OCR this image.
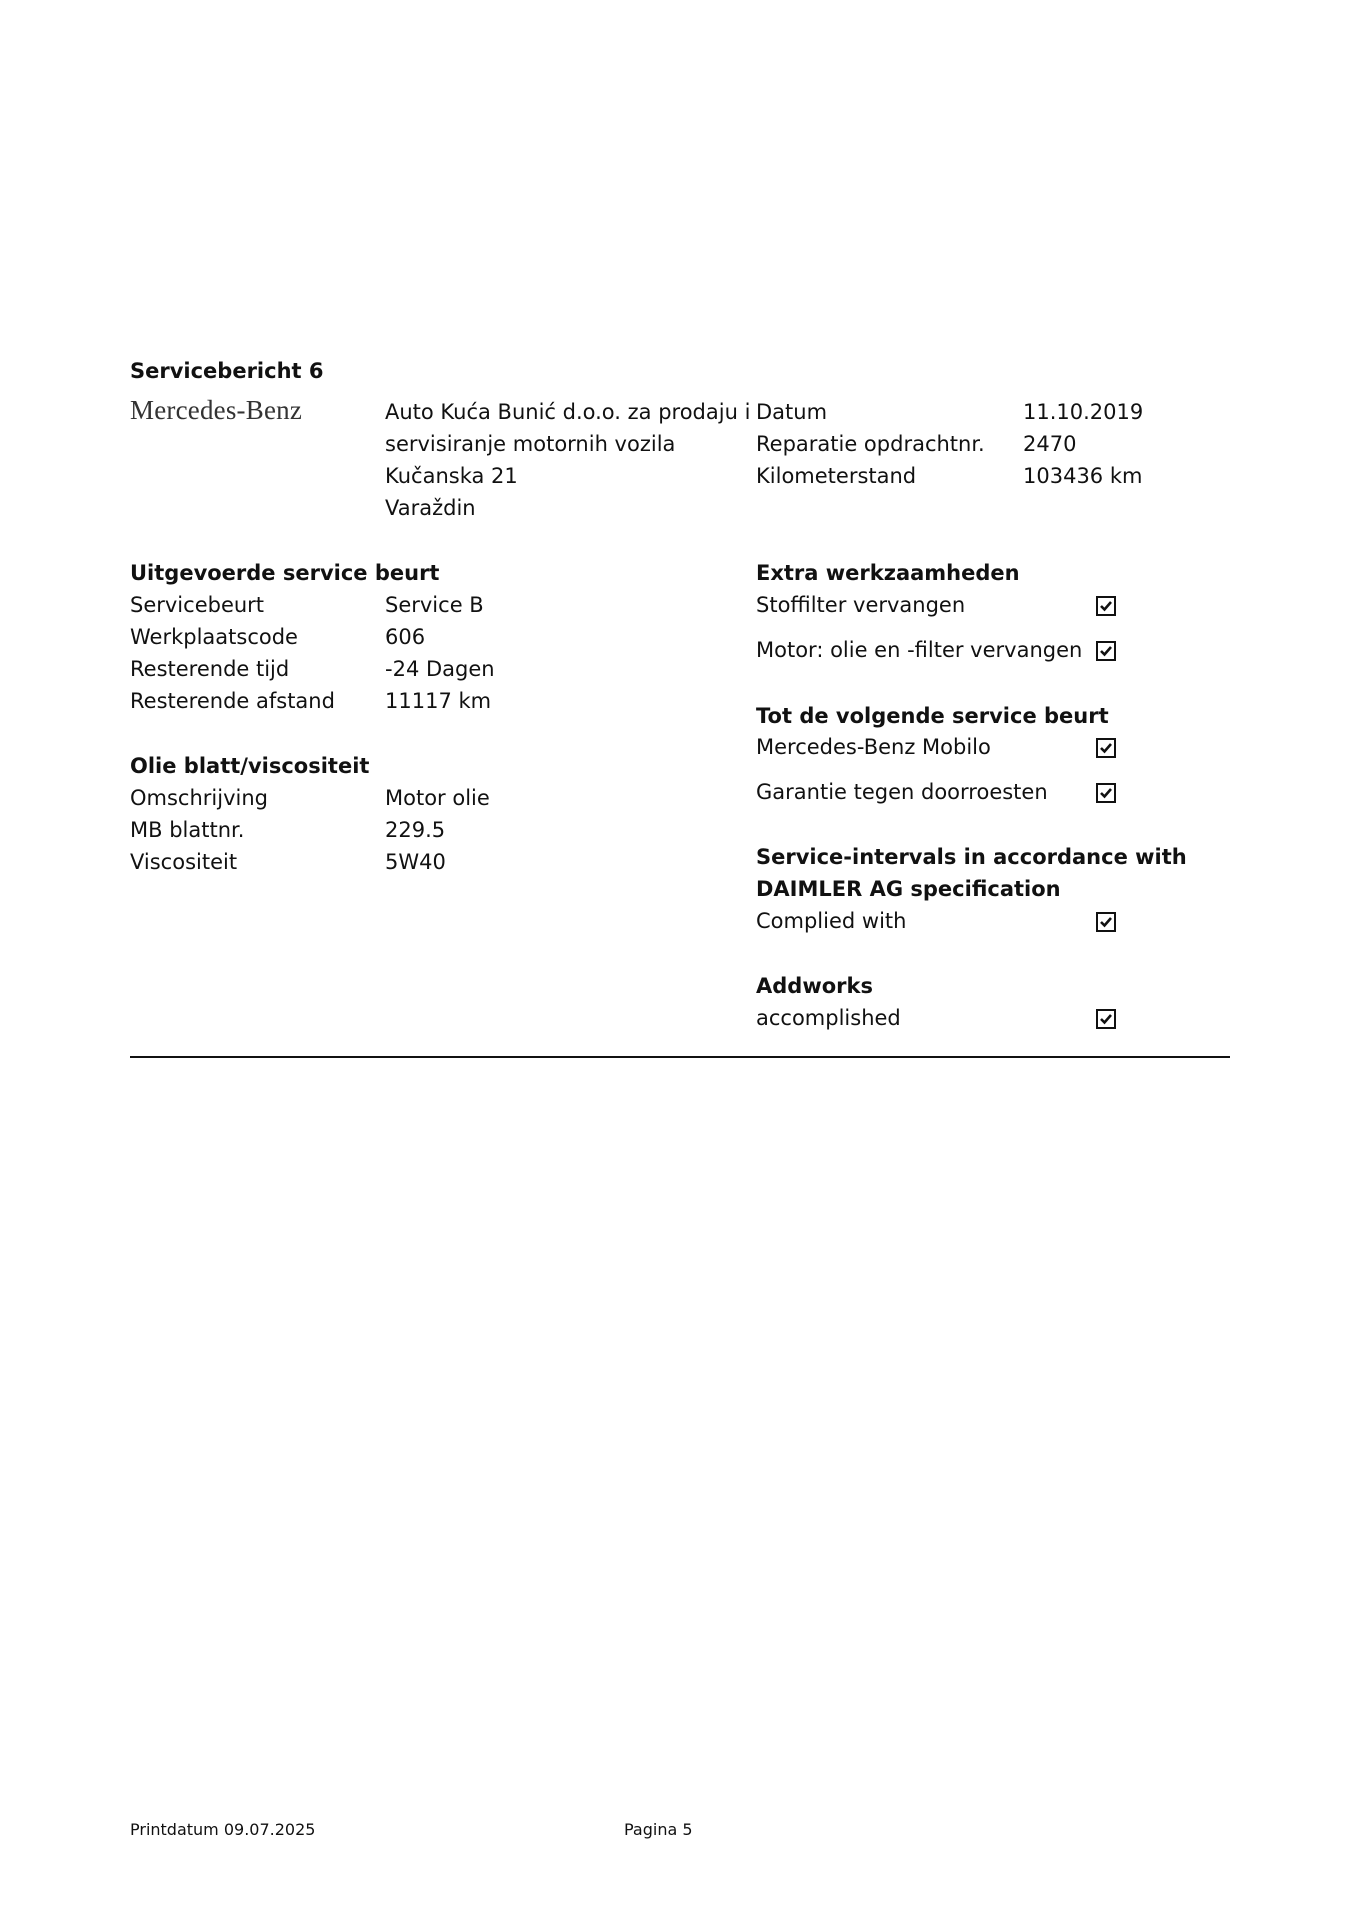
Servicebericht 6
Mercedes-Benz	Auto Kuća Bunić d.o.o. za prodaju i
servisiranje motornih vozila
Kučanska 21
Varaždin
Datum	11.10.2019
Reparatie opdrachtnr. 2470
Kilometerstand	103436 km
Uitgevoerde service beurt
Servicebeurt	Service B
Werkplaatscode	606
Resterende tijd	-24 Dagen
Resterende afstand 11117 km
Olie blatt/viscositeit
Omschrijving	Motor olie
MB blattnr.	229.5
Viscositeit	5W40
Extra werkzaamheden
Stoffilter vervangen
Motor: olie en -filter vervangen
Tot de volgende service beurt
Mercedes-Benz Mobilo
Garantie tegen doorroesten
Service-intervals in accordance with
DAIMLER AG specification
Complied with
Addworks
accomplished
Printdatum 09.07.2025	Pagina 5
